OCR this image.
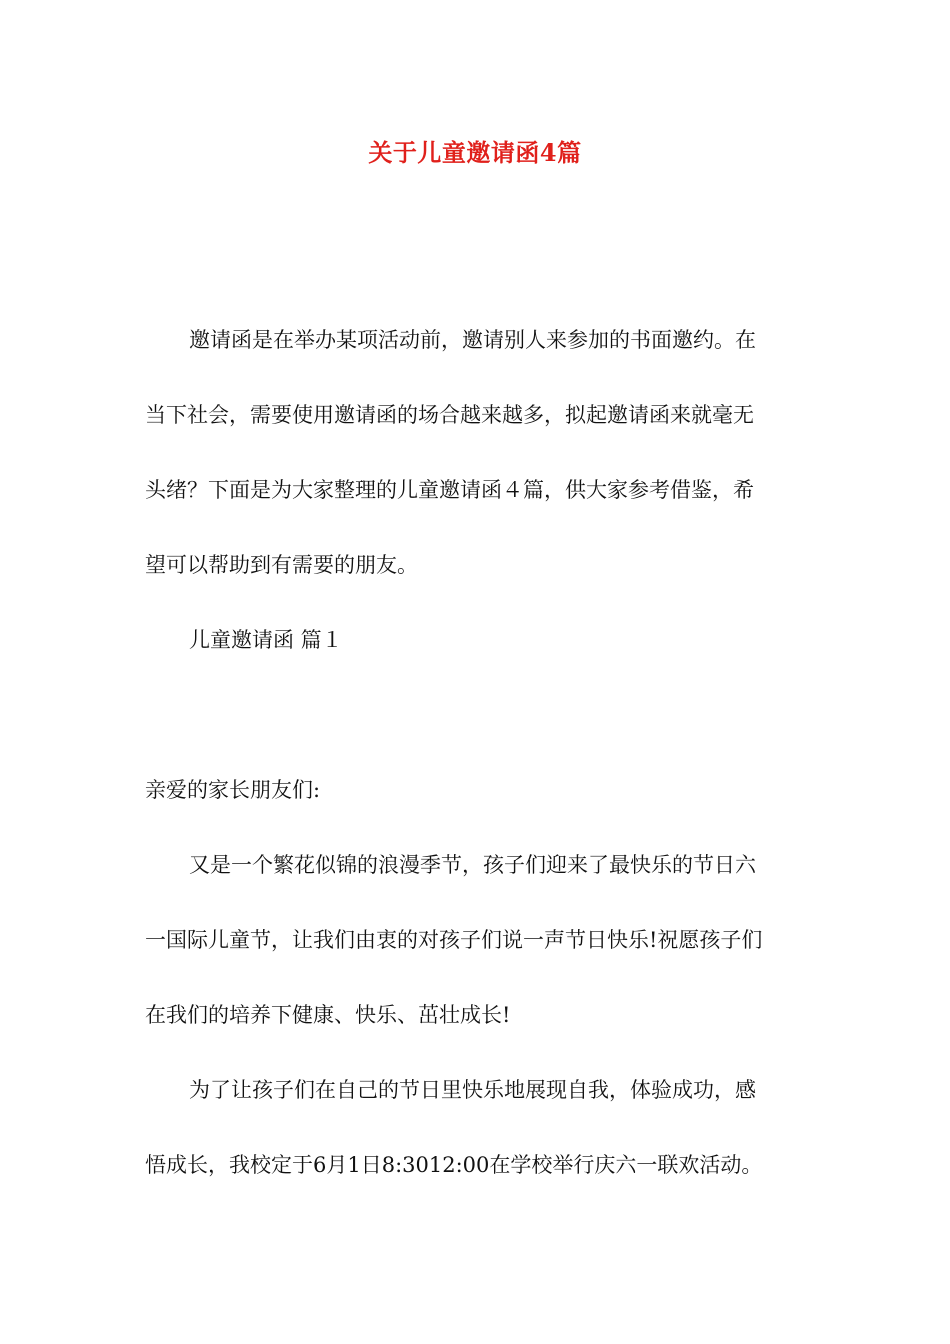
关于儿童邀请函4篇
邀请函是在举办某项活动前，邀请别人来参加的书面邀约。在
当下社会，需要使用邀请函的场合越来越多，拟起邀请函来就毫无
头绪？下面是为大家整理的儿童邀请函４篇，供大家参考借鉴，希
望可以帮助到有需要的朋友。
儿童邀请函 篇１
亲爱的家长朋友们:
又是一个繁花似锦的浪漫季节，孩子们迎来了最快乐的节日六
一国际儿童节，让我们由衷的对孩子们说一声节日快乐!祝愿孩子们
在我们的培养下健康、快乐、茁壮成长!
为了让孩子们在自己的节日里快乐地展现自我，体验成功，感
悟成长，我校定于6月1日8:3012:00在学校举行庆六一联欢活动。
